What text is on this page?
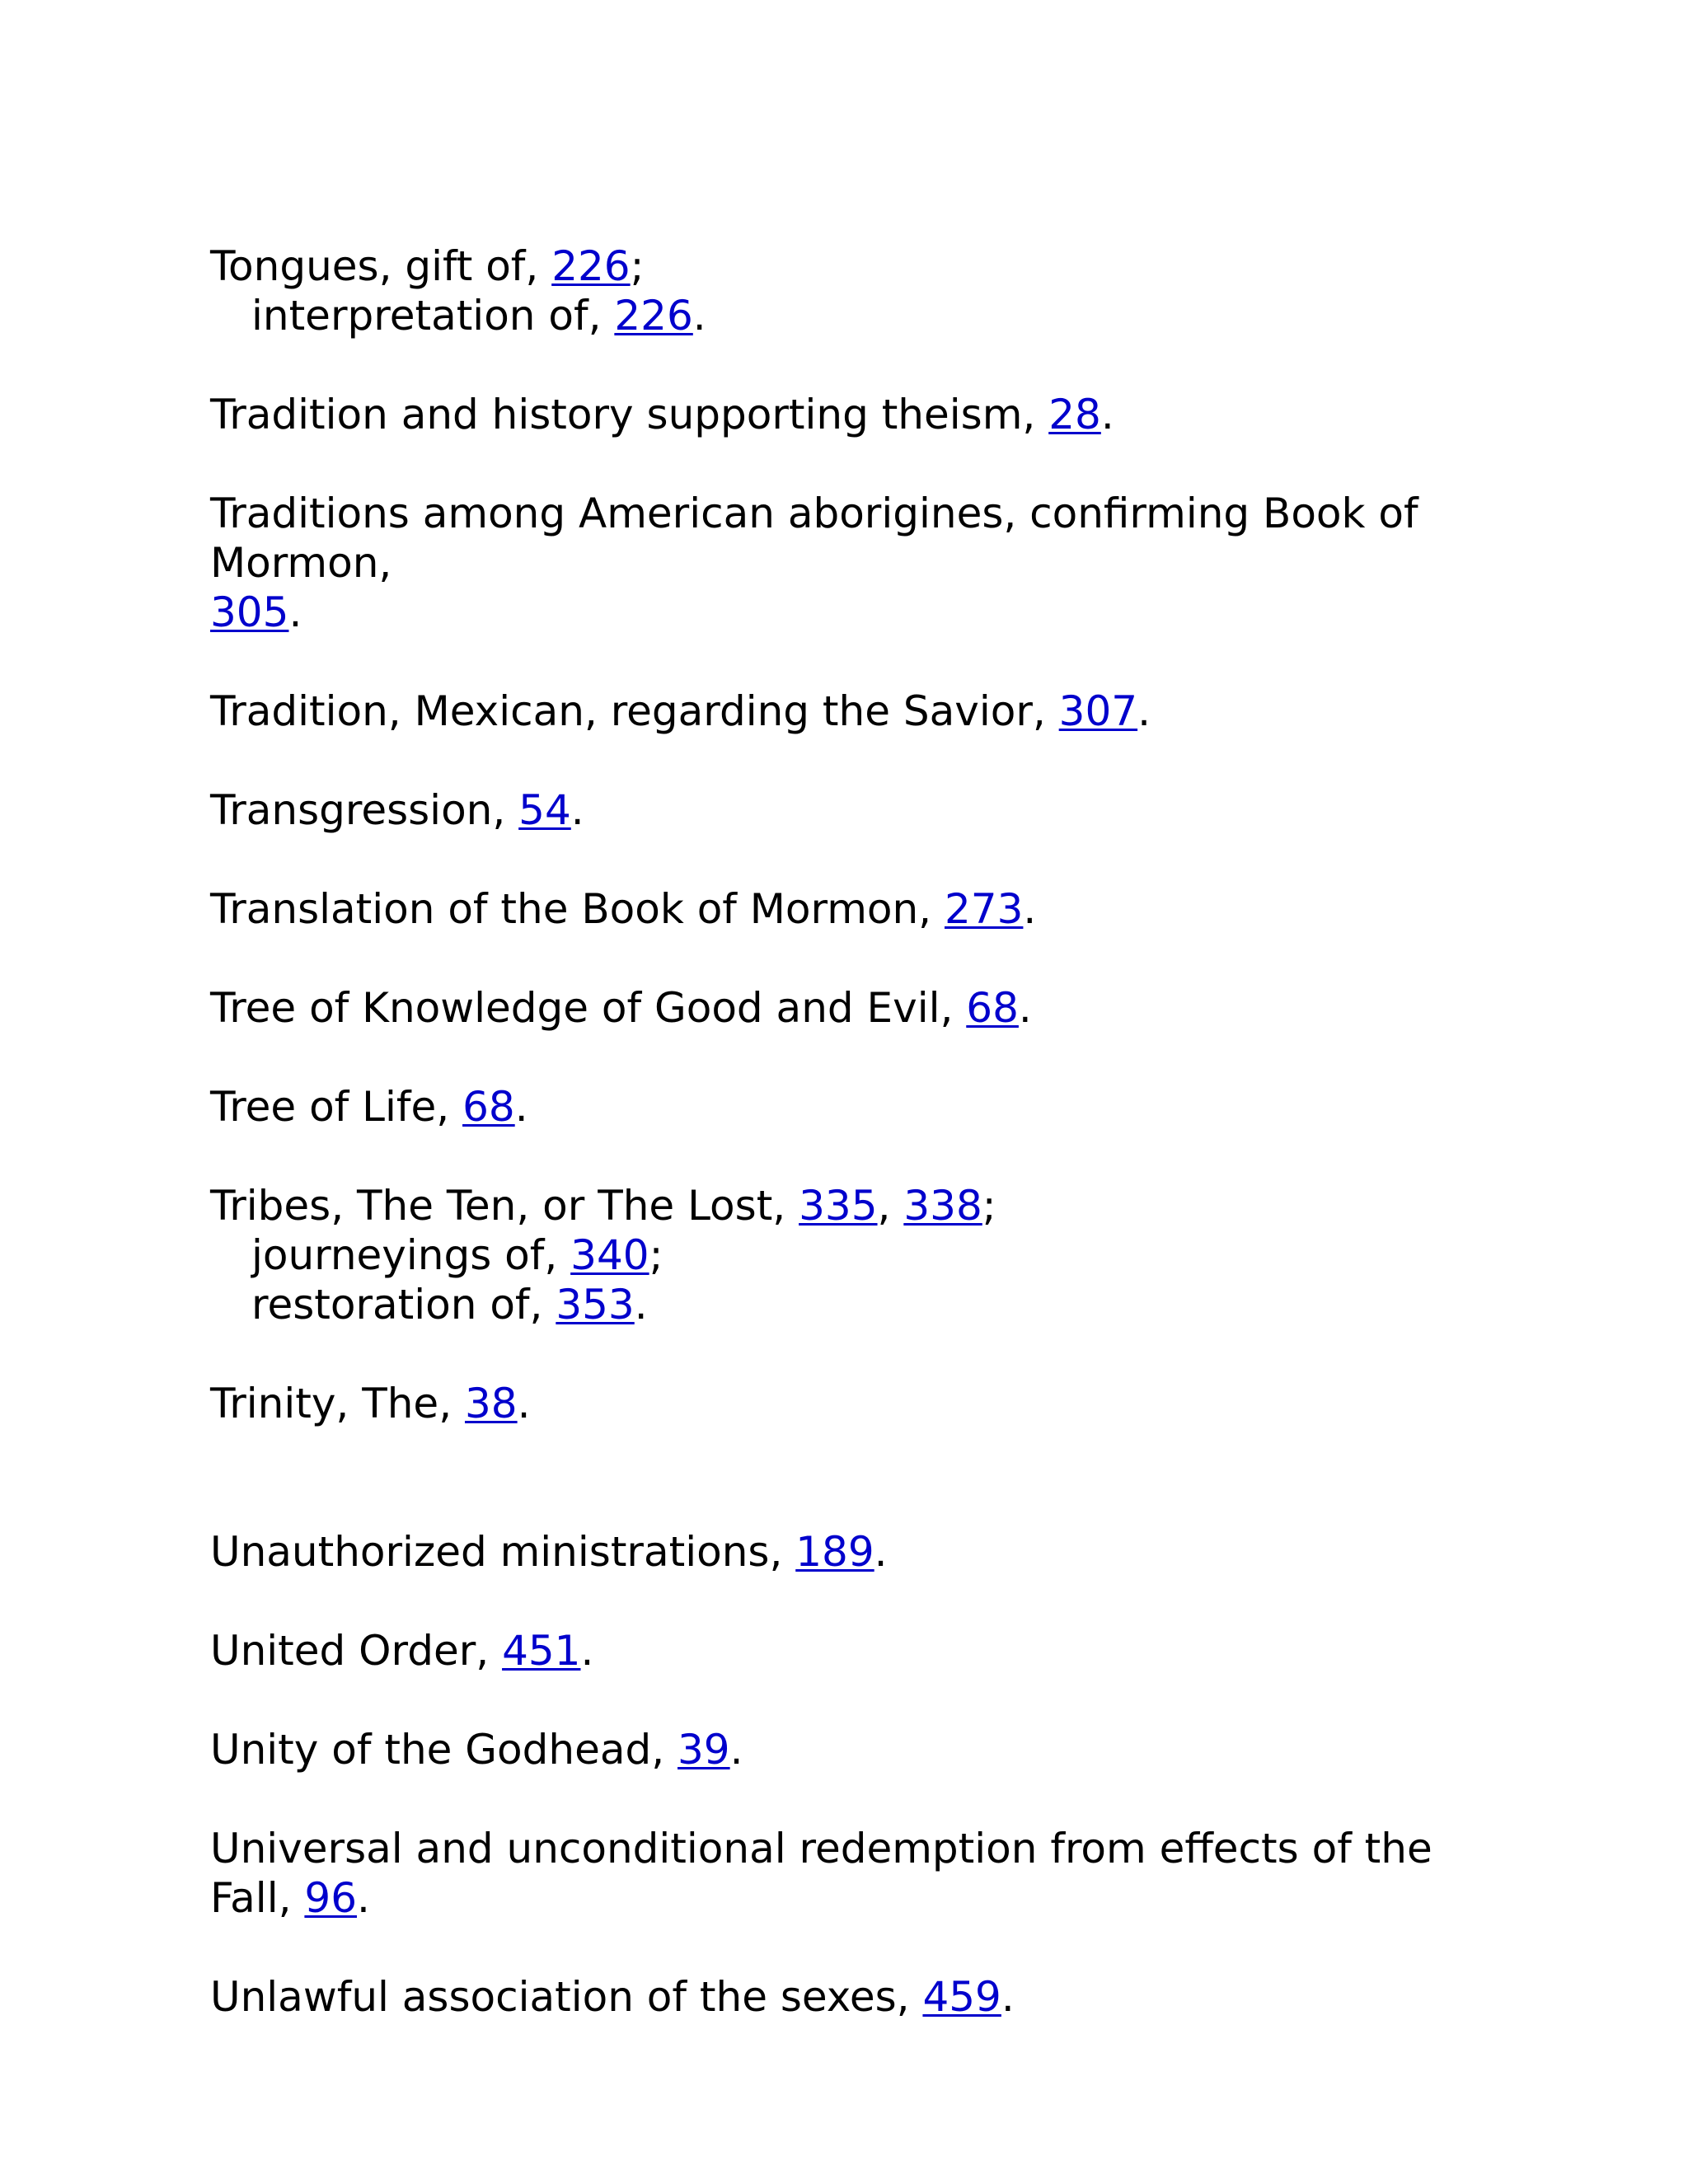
Tongues, gift of, 226;
interpretation of, 226.
Tradition and history supporting theism, 28.
Traditions among American aborigines, confirming Book of Mormon,
305.
Tradition, Mexican, regarding the Savior, 307.
Transgression, 54.
Translation of the Book of Mormon, 273.
Tree of Knowledge of Good and Evil, 68.
Tree of Life, 68.
Tribes, The Ten, or The Lost, 335, 338;
journeyings of, 340;
restoration of, 353.
Trinity, The, 38.
Unauthorized ministrations, 189.
United Order, 451.
Unity of the Godhead, 39.
Universal and unconditional redemption from effects of the Fall, 96.
Unlawful association of the sexes, 459.
